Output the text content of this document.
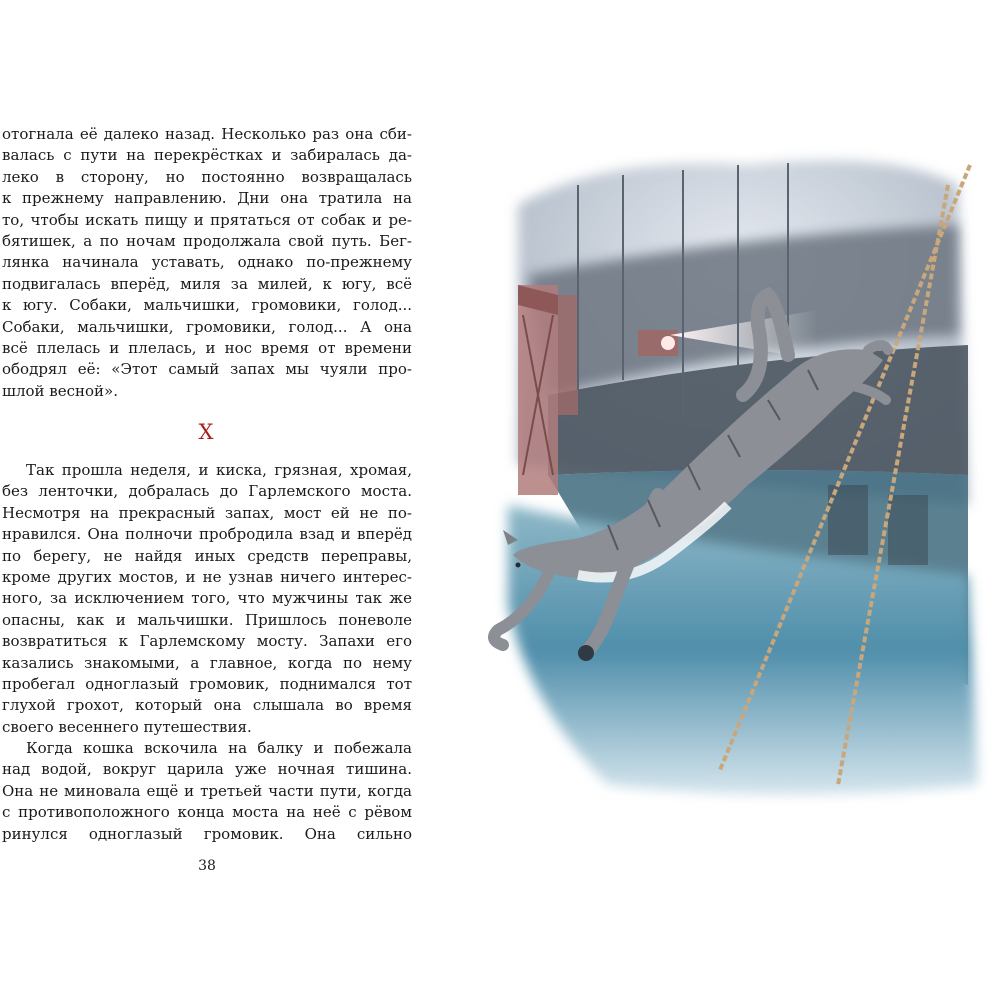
отогнала её далеко назад. Несколько раз она сби-
валась с пути на перекрёстках и забиралась да-
леко в сторону, но постоянно возвращалась
к прежнему направлению. Дни она тратила на
то, чтобы искать пищу и прятаться от собак и ре-
бятишек, а по ночам продолжала свой путь. Бег-
лянка начинала уставать, однако по-прежнему
подвигалась вперёд, миля за милей, к югу, всё
к югу. Собаки, мальчишки, громовики, голод...
Собаки, мальчишки, громовики, голод... А она
всё плелась и плелась, и нос время от времени
ободрял её: «Этот самый запах мы чуяли про-
шлой весной».
X
Так прошла неделя, и киска, грязная, хромая,
без ленточки, добралась до Гарлемского моста.
Несмотря на прекрасный запах, мост ей не по-
нравился. Она полночи пробродила взад и вперёд
по берегу, не найдя иных средств переправы,
кроме других мостов, и не узнав ничего интерес-
ного, за исключением того, что мужчины так же
опасны, как и мальчишки. Пришлось поневоле
возвратиться к Гарлемскому мосту. Запахи его
казались знакомыми, а главное, когда по нему
пробегал одноглазый громовик, поднимался тот
глухой грохот, который она слышала во время
своего весеннего путешествия.
Когда кошка вскочила на балку и побежала
над водой, вокруг царила уже ночная тишина.
Она не миновала ещё и третьей части пути, когда
с противоположного конца моста на неё с рёвом
ринулся одноглазый громовик. Она сильно
38
